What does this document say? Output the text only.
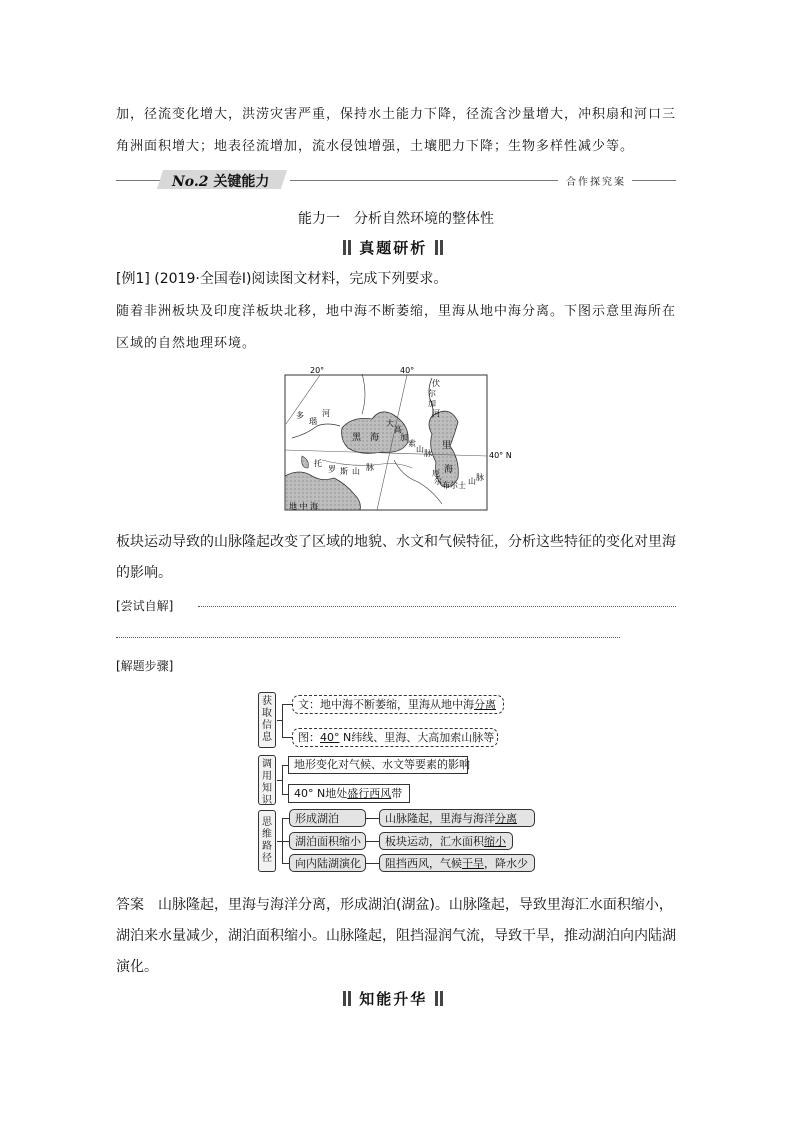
加，径流变化增大，洪涝灾害严重，保持水土能力下降，径流含沙量增大，冲积扇和河口三
角洲面积增大；地表径流增加，流水侵蚀增强，土壤肥力下降；生物多样性减少等。
No.2 关键能力	合作探究案
能力一　分析自然环境的整体性
真题研析
[例1] (2019·全国卷Ⅰ)阅读图文材料，完成下列要求。
随着非洲板块及印度洋板块北移，地中海不断萎缩，里海从地中海分离。下图示意里海所在
区域的自然地理环境。
20°	40°
40° N
黑　海
地 中 海
多
瑙
河
伏
尔
加
河
大
高
加
索
山 脉
里
海
托
罗 斯 山 脉
厄
尔 布 尔 士 山 脉
板块运动导致的山脉隆起改变了区域的地貌、水文和气候特征，分析这些特征的变化对里海
的影响。
[尝试自解]
[解题步骤]
获
取
信
息
文：地中海不断萎缩，里海从地中海分离
图：40° N纬线、里海、大高加索山脉等
调
用
知
识
地形变化对气候、水文等要素的影响
40° N地处盛行西风带
思
维
路
径
形成湖泊	山脉隆起，里海与海洋分离
湖泊面积缩小	板块运动，汇水面积缩小
向内陆湖演化	阻挡西风，气候干旱，降水少
答案　山脉隆起，里海与海洋分离，形成湖泊(湖盆)。山脉隆起，导致里海汇水面积缩小，
湖泊来水量减少，湖泊面积缩小。山脉隆起，阻挡湿润气流，导致干旱，推动湖泊向内陆湖
演化。
知能升华
